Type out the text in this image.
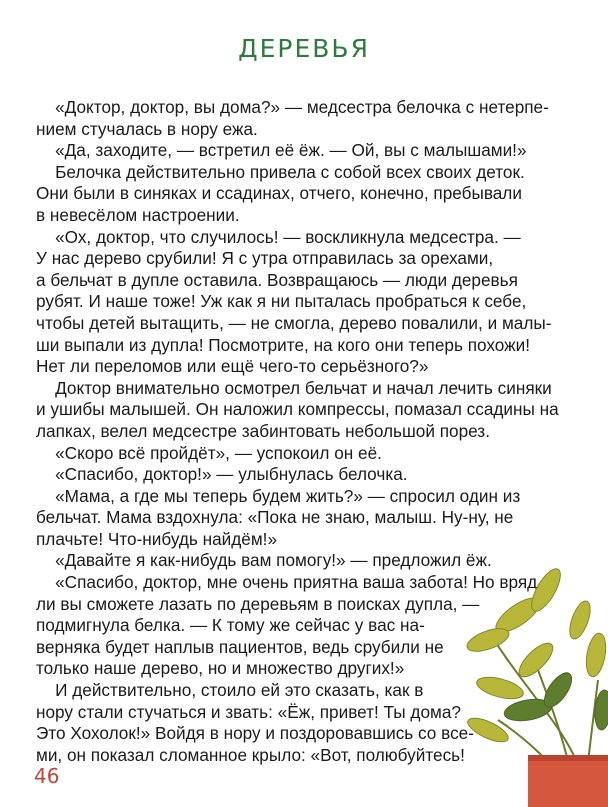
ДЕРЕВЬЯ
«Доктор, доктор, вы дома?» — медсестра белочка с нетерпе-
нием стучалась в нору ежа.
«Да, заходите, — встретил её ёж. — Ой, вы с малышами!»
Белочка действительно привела с собой всех своих деток.
Они были в синяках и ссадинах, отчего, конечно, пребывали
в невесёлом настроении.
«Ох, доктор, что случилось! — воскликнула медсестра. —
У нас дерево срубили! Я с утра отправилась за орехами,
а бельчат в дупле оставила. Возвращаюсь — люди деревья
рубят. И наше тоже! Уж как я ни пыталась пробраться к себе,
чтобы детей вытащить, — не смогла, дерево повалили, и малы-
ши выпали из дупла! Посмотрите, на кого они теперь похожи!
Нет ли переломов или ещё чего-то серьёзного?»
Доктор внимательно осмотрел бельчат и начал лечить синяки
и ушибы малышей. Он наложил компрессы, помазал ссадины на
лапках, велел медсестре забинтовать небольшой порез.
«Скоро всё пройдёт», — успокоил он её.
«Спасибо, доктор!» — улыбнулась белочка.
«Мама, а где мы теперь будем жить?» — спросил один из
бельчат. Мама вздохнула: «Пока не знаю, малыш. Ну-ну, не
плачьте! Что-нибудь найдём!»
«Давайте я как-нибудь вам помогу!» — предложил ёж.
«Спасибо, доктор, мне очень приятна ваша забота! Но вряд
ли вы сможете лазать по деревьям в поисках дупла, —
подмигнула белка. — К тому же сейчас у вас на-
верняка будет наплыв пациентов, ведь срубили не
только наше дерево, но и множество других!»
И действительно, стоило ей это сказать, как в
нору стали стучаться и звать: «Ёж, привет! Ты дома?
Это Хохолок!» Войдя в нору и поздоровавшись со все-
ми, он показал сломанное крыло: «Вот, полюбуйтесь!
46
